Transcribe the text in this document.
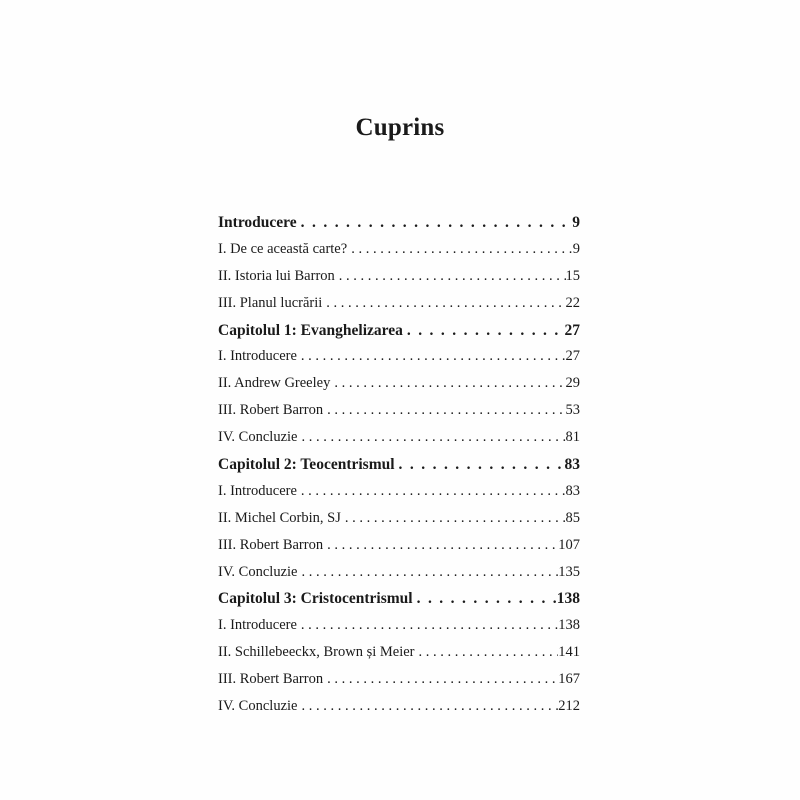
Cuprins
Introducere . . .	9
I. De ce această carte? . . .	9
II. Istoria lui Barron . . .	15
III. Planul lucrării . . .	22
Capitolul 1: Evanghelizarea . . .	27
I. Introducere . . .	27
II. Andrew Greeley . . .	29
III. Robert Barron . . .	53
IV. Concluzie . . .	81
Capitolul 2: Teocentrismul . . .	83
I. Introducere . . .	83
II. Michel Corbin, SJ . . .	85
III. Robert Barron . . .	107
IV. Concluzie . . .	135
Capitolul 3: Cristocentrismul . . .	138
I. Introducere . . .	138
II. Schillebeeckx, Brown și Meier . . .	141
III. Robert Barron . . .	167
IV. Concluzie . . .	212
